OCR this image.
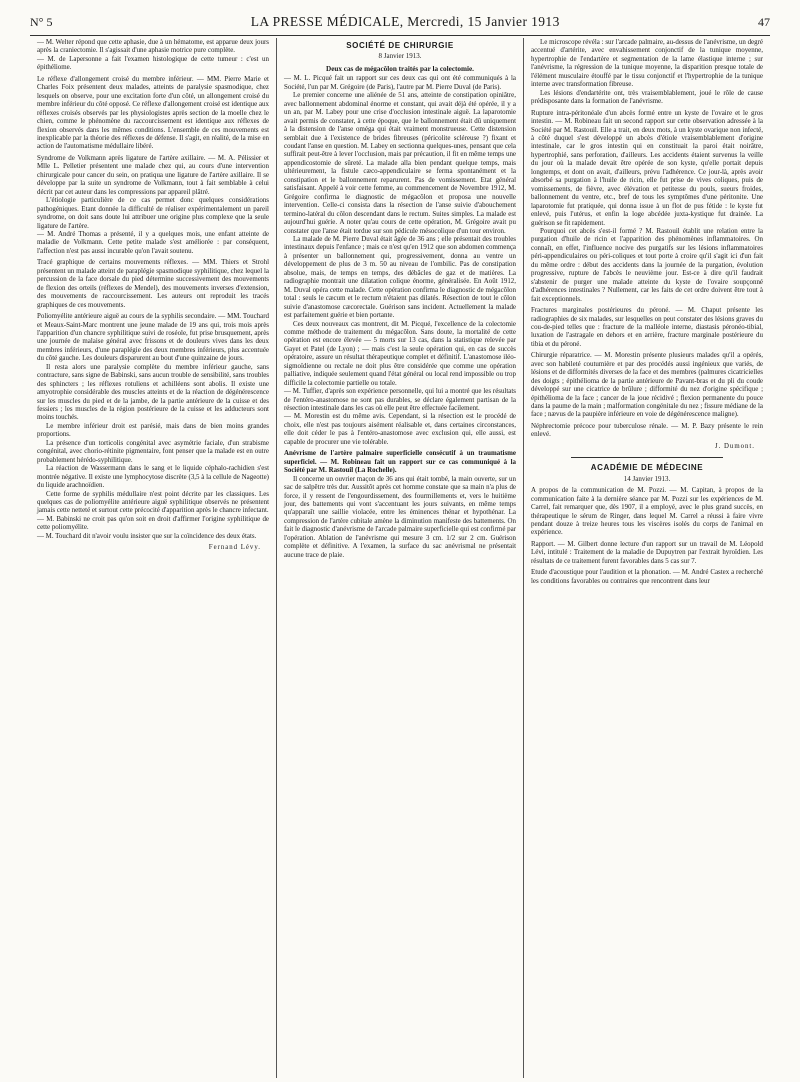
N° 5	LA PRESSE MÉDICALE, Mercredi, 15 Janvier 1913	47

— M. Welter répond que cette aphasie, due à un hématome, est apparue deux jours après la craniectomie. Il s'agissait d'une aphasie motrice pure complète.

— M. de Lapersonne a fait l'examen histologique de cette tumeur : c'est un épithéliome.

Le réflexe d'allongement croisé du membre inférieur. — MM. Pierre Marie et Charles Foix présentent deux malades, atteints de paralysie spasmodique, chez lesquels on observe, pour une excitation forte d'un côté, un allongement croisé du membre inférieur du côté opposé. Ce réflexe d'allongement croisé est identique aux réflexes croisés observés par les physiologistes après section de la moelle chez le chien, comme le phénomène du raccourcissement est identique aux réflexes de flexion observés dans les mêmes conditions. L'ensemble de ces mouvements est inexplicable par la théorie des réflexes de défense. Il s'agit, en réalité, de la mise en action de l'automatisme médullaire libéré.

Syndrome de Volkmann après ligature de l'artère axillaire. — M. A. Pélissier et Mlle L. Pelletier présentent une malade chez qui, au cours d'une intervention chirurgicale pour cancer du sein, on pratiqua une ligature de l'artère axillaire. Il se développe par la suite un syndrome de Volkmann, tout à fait semblable à celui décrit par cet auteur dans les compressions par appareil plâtré.

L'étiologie particulière de ce cas permet donc quelques considérations pathogéniques. Etant donnée la difficulté de réaliser expérimentalement un pareil syndrome, on doit sans doute lui attribuer une origine plus complexe que la seule ligature de l'artère.

— M. André Thomas a présenté, il y a quelques mois, une enfant atteinte de maladie de Volkmann. Cette petite malade s'est améliorée : par conséquent, l'affection n'est pas aussi incurable qu'on l'avait soutenu.

Tracé graphique de certains mouvements réflexes. — MM. Thiers et Strohl présentent un malade atteint de paraplégie spasmodique syphilitique, chez lequel la percussion de la face dorsale du pied détermine successivement des mouvements de flexion des orteils (réflexes de Mendel), des mouvements inverses d'extension, des mouvements de raccourcissement. Les auteurs ont reproduit les tracés graphiques de ces mouvements.

Poliomyélite antérieure aiguë au cours de la syphilis secondaire. — MM. Touchard et Meaux-Saint-Marc montrent une jeune malade de 19 ans qui, trois mois après l'apparition d'un chancre syphilitique suivi de roséole, fut prise brusquement, après une journée de malaise général avec frissons et de douleurs vives dans les deux membres inférieurs, d'une paraplégie des deux membres inférieurs, plus accentuée du côté gauche. Les douleurs disparurent au bout d'une quinzaine de jours.

Il resta alors une paralysie complète du membre inférieur gauche, sans contracture, sans signe de Babinski, sans aucun trouble de sensibilité, sans troubles des sphincters ; les réflexes rotuliens et achilléens sont abolis. Il existe une amyotrophie considérable des muscles atteints et de la réaction de dégénérescence sur les muscles du pied et de la jambe, de la partie antérieure de la cuisse et des fessiers ; les muscles de la région postérieure de la cuisse et les adducteurs sont moins touchés.

Le membre inférieur droit est parésié, mais dans de bien moins grandes proportions.

La présence d'un torticolis congénital avec asymétrie faciale, d'un strabisme congénital, avec chorio-rétinite pigmentaire, font penser que la malade est en outre probablement hérédo-syphilitique.

La réaction de Wassermann dans le sang et le liquide céphalo-rachidien s'est montrée négative. Il existe une lymphocytose discrète (3,5 à la cellule de Nageotte) du liquide arachnoïdien.

Cette forme de syphilis médullaire n'est point décrite par les classiques. Les quelques cas de poliomyélite antérieure aiguë syphilitique observés ne présentent jamais cette netteté et surtout cette précocité d'apparition après le chancre infectant.

— M. Babinski ne croit pas qu'on soit en droit d'affirmer l'origine syphilitique de cette poliomyélite.

— M. Touchard dit n'avoir voulu insister que sur la coïncidence des deux états.

Fernand Lévy.
SOCIÉTÉ DE CHIRURGIE
8 Janvier 1913.
Deux cas de mégacôlon traités par la colectomie.

— M. L. Picqué fait un rapport sur ces deux cas qui ont été communiqués à la Société, l'un par M. Grégoire (de Paris), l'autre par M. Pierre Duval (de Paris).

Le premier concerne une aliénée de 51 ans, atteinte de constipation opiniâtre, avec ballonnement abdominal énorme et constant, qui avait déjà été opérée, il y a un an, par M. Labey pour une crise d'occlusion intestinale aiguë. La laparotomie avait permis de constater, à cette époque, que le ballonnement était dû uniquement à la distension de l'anse oméga qui était vraiment monstrueuse. Cette distension semblait due à l'existence de brides fibreuses (péricolite scléreuse ?) fixant et coudant l'anse en question. M. Labey en sectionna quelques-unes, pensant que cela suffirait peut-être à lever l'occlusion, mais par précaution, il fit en même temps une appendicostomie de sûreté. La malade alla bien pendant quelque temps, mais ultérieurement, la fistule cæco-appendiculaire se ferma spontanément et la constipation et le ballonnement reparurent. Pas de vomissement. Etat général satisfaisant. Appelé à voir cette femme, au commencement de Novembre 1912, M. Grégoire confirma le diagnostic de mégacôlon et proposa une nouvelle intervention. Celle-ci consista dans la résection de l'anse suivie d'abouchement termino-latéral du côlon descendant dans le rectum. Suites simples. La malade est aujourd'hui guérie. A noter qu'au cours de cette opération, M. Grégoire avait pu constater que l'anse était tordue sur son pédicule mésocolique d'un tour environ.

La malade de M. Pierre Duval était âgée de 36 ans ; elle présentait des troubles intestinaux depuis l'enfance ; mais ce n'est qu'en 1912 que son abdomen commença à présenter un ballonnement qui, progressivement, donna au ventre un développement de plus de 3 m. 50 au niveau de l'ombilic. Pas de constipation absolue, mais, de temps en temps, des débâcles de gaz et de matières. La radiographie montrait une dilatation colique énorme, généralisée. En Août 1912, M. Duval opéra cette malade. Cette opération confirma le diagnostic de mégacôlon total : seuls le cæcum et le rectum n'étaient pas dilatés. Résection de tout le côlon suivie d'anastomose cæcorectale. Guérison sans incident. Actuellement la malade est parfaitement guérie et bien portante.

Ces deux nouveaux cas montrent, dit M. Picqué, l'excellence de la colectomie comme méthode de traitement du mégacôlon. Sans doute, la mortalité de cette opération est encore élevée — 5 morts sur 13 cas, dans la statistique relevée par Gayet et Patel (de Lyon) ; — mais c'est la seule opération qui, en cas de succès opératoire, assure un résultat thérapeutique complet et définitif. L'anastomose iléo-sigmoïdienne ou rectale ne doit plus être considérée que comme une opération palliative, indiquée seulement quand l'état général ou local rend impossible ou trop difficile la colectomie partielle ou totale.

— M. Tuffier, d'après son expérience personnelle, qui lui a montré que les résultats de l'entéro-anastomose ne sont pas durables, se déclare également partisan de la résection intestinale dans les cas où elle peut être effectuée facilement.

— M. Morestin est du même avis. Cependant, si la résection est le procédé de choix, elle n'est pas toujours aisément réalisable et, dans certaines circonstances, elle doit céder le pas à l'entéro-anastomose avec exclusion qui, elle aussi, est capable de procurer une vie tolérable.

Anévrisme de l'artère palmaire superficielle consécutif à un traumatisme superficiel. — M. Robineau fait un rapport sur ce cas communiqué à la Société par M. Rastouil (La Rochelle).

Il concerne un ouvrier maçon de 36 ans qui était tombé, la main ouverte, sur un sac de salpêtre très dur. Aussitôt après cet homme constate que sa main n'a plus de force, il y ressent de l'engourdissement, des fourmillements et, vers le huitième jour, des battements qui vont s'accentuant les jours suivants, en même temps qu'apparaît une saillie violacée, entre les éminences thénar et hypothénar. La compression de l'artère cubitale amène la diminution manifeste des battements. On fait le diagnostic d'anévrisme de l'arcade palmaire superficielle qui est confirmé par l'opération. Ablation de l'anévrisme qui mesure 3 cm. 1/2 sur 2 cm. Guérison complète et définitive. A l'examen, la surface du sac anévrismal ne présentait aucune trace de plaie.

Le microscope révéla : sur l'arcade palmaire, au-dessus de l'anévrisme, un degré accentué d'artérite, avec envahissement conjonctif de la tunique moyenne, hypertrophie de l'endartère et segmentation de la lame élastique interne ; sur l'anévrisme, la régression de la tunique moyenne, la disparition presque totale de l'élément musculaire étouffé par le tissu conjonctif et l'hypertrophie de la tunique interne avec transformation fibreuse.

Les lésions d'endartérite ont, très vraisemblablement, joué le rôle de cause prédisposante dans la formation de l'anévrisme.

Rupture intra-péritonéale d'un abcès formé entre un kyste de l'ovaire et le gros intestin. — M. Robineau fait un second rapport sur cette observation adressée à la Société par M. Rastouil. Elle a trait, en deux mots, à un kyste ovarique non infecté, à côté duquel s'est développé un abcès d'étiole vraisemblablement d'origine intestinale, car le gros intestin qui en constituait la paroi était noirâtre, hypertrophié, sans perforation, d'ailleurs. Les accidents étaient survenus la veille du jour où la malade devait être opérée de son kyste, qu'elle portait depuis longtemps, et dont on avait, d'ailleurs, prévu l'adhérence. Ce jour-là, après avoir absorbé sa purgation à l'huile de ricin, elle fut prise de vives coliques, puis de vomissements, de fièvre, avec élévation et petitesse du pouls, sueurs froides, ballonnement du ventre, etc., bref de tous les symptômes d'une péritonite. Une laparotomie fut pratiquée, qui donna issue à un flot de pus fétide : le kyste fut enlevé, puis l'utérus, et enfin la loge abcédée juxta-kystique fut drainée. La guérison se fit rapidement.

Pourquoi cet abcès s'est-il formé ? M. Rastouil établit une relation entre la purgation d'huile de ricin et l'apparition des phénomènes inflammatoires. On connaît, en effet, l'influence nocive des purgatifs sur les lésions inflammatoires péri-appendiculaires ou péri-coliques et tout porte à croire qu'il s'agit ici d'un fait du même ordre : début des accidents dans la journée de la purgation, évolution progressive, rupture de l'abcès le neuvième jour. Est-ce à dire qu'il faudrait s'abstenir de purger une malade atteinte du kyste de l'ovaire soupçonné d'adhérences intestinales ? Nullement, car les faits de cet ordre doivent être tout à fait exceptionnels.

Fractures marginales postérieures du péroné. — M. Chaput présente les radiographies de six malades, sur lesquelles on peut constater des lésions graves du cou-de-pied telles que : fracture de la malléole interne, diastasis péronéo-tibial, luxation de l'astragale en dehors et en arrière, fracture marginale postérieure du tibia et du péroné.

Chirurgie réparatrice. — M. Morestin présente plusieurs malades qu'il a opérés, avec son habileté coutumière et par des procédés aussi ingénieux que variés, de lésions et de difformités diverses de la face et des membres (palmures cicatricielles des doigts ; épithélioma de la partie antérieure de Pavant-bras et du pli du coude développé sur une cicatrice de brûlure ; difformité du nez d'origine spécifique ; épithélioma de la face ; cancer de la joue récidivé ; flexion permanente du pouce dans la paume de la main ; malformation congénitale du nez ; fissure médiane de la face ; nævus de la paupière inférieure en voie de dégénérescence maligne).

Néphrectomie précoce pour tuberculose rénale. — M. P. Bazy présente le rein enlevé.

J. Dumont.
ACADÉMIE DE MÉDECINE
14 Janvier 1913.

A propos de la communication de M. Pozzi. — M. Capitan, à propos de la communication faite à la dernière séance par M. Pozzi sur les expériences de M. Carrel, fait remarquer que, dès 1907, il a employé, avec le plus grand succès, en thérapeutique le sérum de Ringer, dans lequel M. Carrel a réussi à faire vivre pendant douze à treize heures tous les viscères isolés du corps de l'animal en expérience.

Rapport. — M. Gilbert donne lecture d'un rapport sur un travail de M. Léopold Lévi, intitulé : Traitement de la maladie de Dupuytren par l'extrait hyroïdien. Les résultats de ce traitement furent favorables dans 5 cas sur 7.

Etude d'acoustique pour l'audition et la phonation. — M. André Castex a recherché les conditions favorables ou contraires que rencontrent dans leur
